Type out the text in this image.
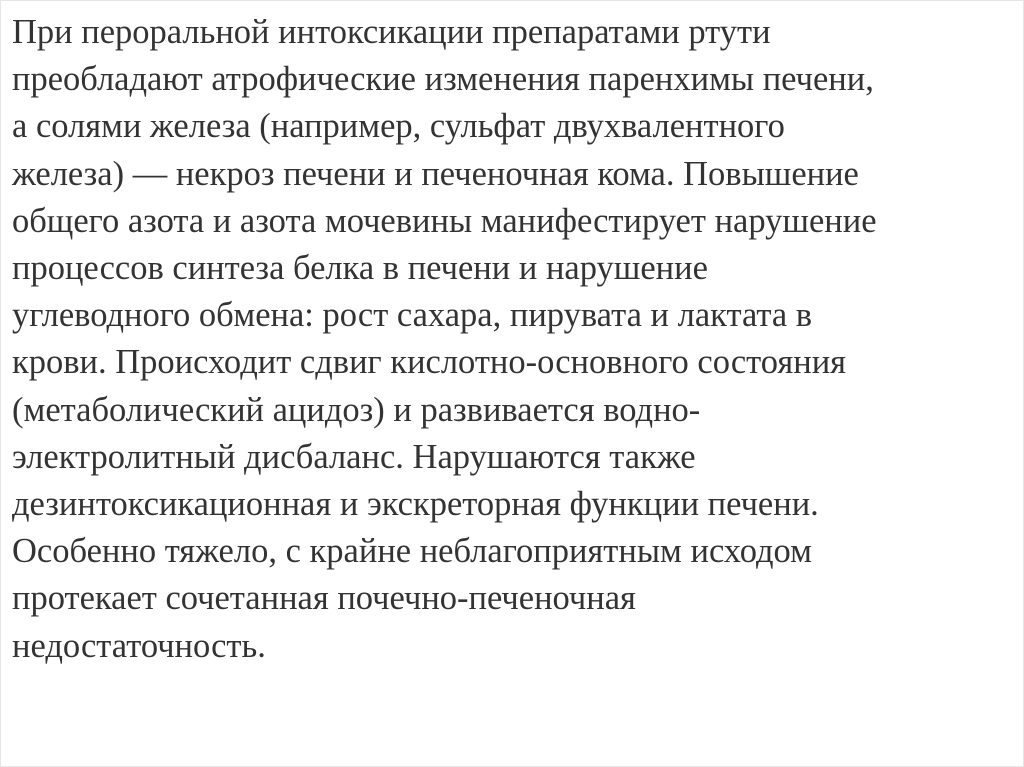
При пероральной интоксикации препаратами ртути
преобладают атрофические изменения паренхимы печени,
а солями железа (например, сульфат двухвалентного
железа) — некроз печени и печеночная кома. Повышение
общего азота и азота мочевины манифестирует нарушение
процессов синтеза белка в печени и нарушение
углеводного обмена: рост сахара, пирувата и лактата в
крови. Происходит сдвиг кислотно-основного состояния
(метаболический ацидоз) и развивается водно-
электролитный дисбаланс. Нарушаются также
дезинтоксикационная и экскреторная функции печени.
Особенно тяжело, с крайне неблагоприятным исходом
протекает сочетанная почечно-печеночная
недостаточность.
